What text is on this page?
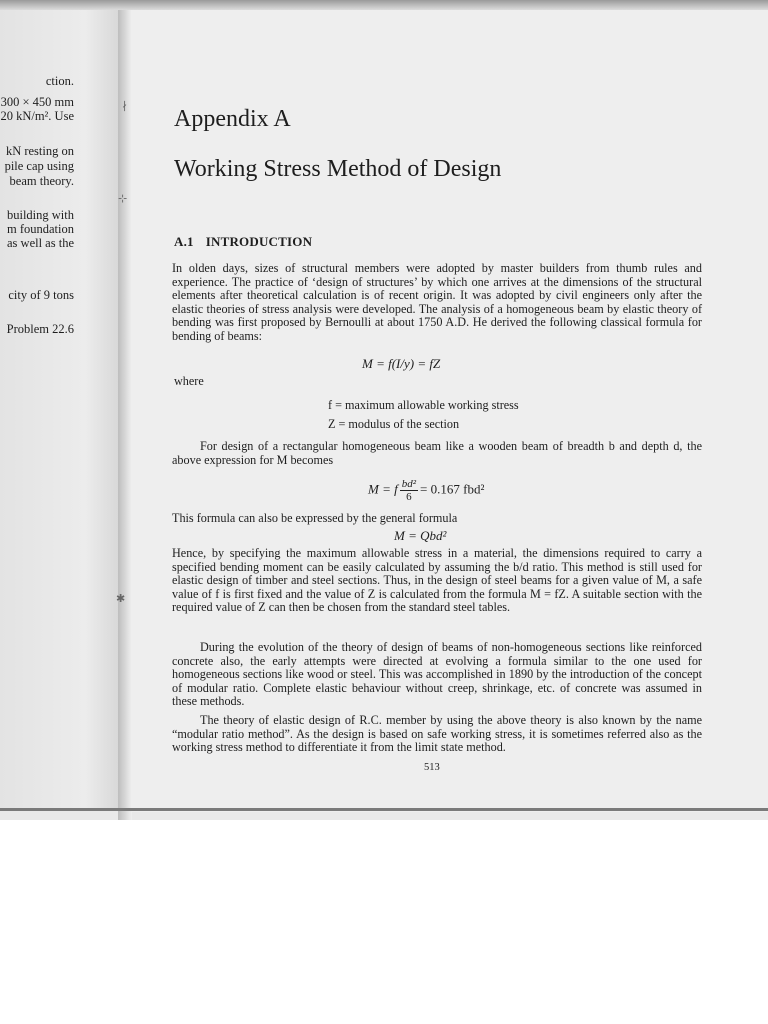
ction.
300 × 450 mm
20 kN/m². Use
kN resting on
pile cap using
beam theory.
building with
m foundation
as well as the
city of 9 tons
Problem 22.6
∤
⊹
✱
Appendix A
Working Stress Method of Design
A.1 INTRODUCTION
In olden days, sizes of structural members were adopted by master builders from thumb rules and experience. The practice of ‘design of structures’ by which one arrives at the dimensions of the structural elements after theoretical calculation is of recent origin. It was adopted by civil engineers only after the elastic theories of stress analysis were developed. The analysis of a homogeneous beam by elastic theory of bending was first proposed by Bernoulli at about 1750 A.D. He derived the following classical formula for bending of beams:
M = f(I/y) = fZ
where
f = maximum allowable working stress
Z = modulus of the section
For design of a rectangular homogeneous beam like a wooden beam of breadth b and depth d, the above expression for M becomes
M = f $\frac{\text{bd²}}{6} = 0.167$ fbd²
This formula can also be expressed by the general formula
M = Qbd²
Hence, by specifying the maximum allowable stress in a material, the dimensions required to carry a specified bending moment can be easily calculated by assuming the b/d ratio. This method is still used for elastic design of timber and steel sections. Thus, in the design of steel beams for a given value of M, a safe value of f is first fixed and the value of Z is calculated from the formula M = fZ. A suitable section with the required value of Z can then be chosen from the standard steel tables.
During the evolution of the theory of design of beams of non-homogeneous sections like reinforced concrete also, the early attempts were directed at evolving a formula similar to the one used for homogeneous sections like wood or steel. This was accomplished in 1890 by the introduction of the concept of modular ratio. Complete elastic behaviour without creep, shrinkage, etc. of concrete was assumed in these methods.
The theory of elastic design of R.C. member by using the above theory is also known by the name “modular ratio method”. As the design is based on safe working stress, it is sometimes referred also as the working stress method to differentiate it from the limit state method.
513
